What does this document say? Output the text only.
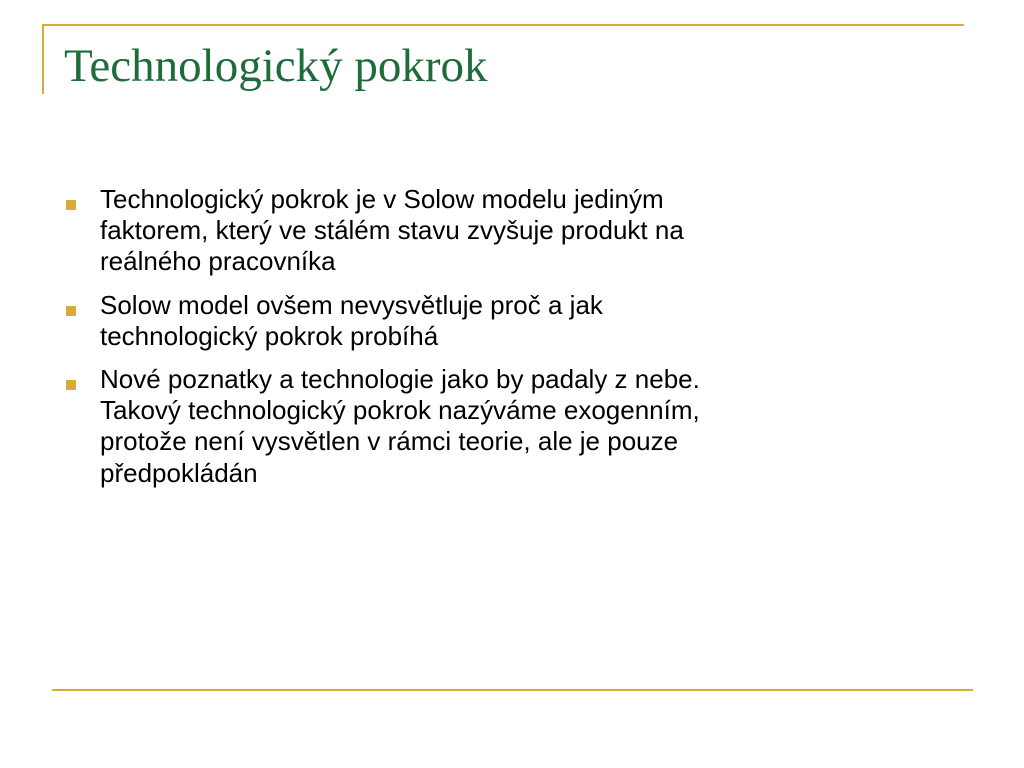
Technologický pokrok
Technologický pokrok je v Solow modelu jediným
faktorem, který ve stálém stavu zvyšuje produkt na
reálného pracovníka
Solow model ovšem nevysvětluje proč a jak
technologický pokrok probíhá
Nové poznatky a technologie jako by padaly z nebe.
Takový technologický pokrok nazýváme exogenním,
protože není vysvětlen v rámci teorie, ale je pouze
předpokládán
